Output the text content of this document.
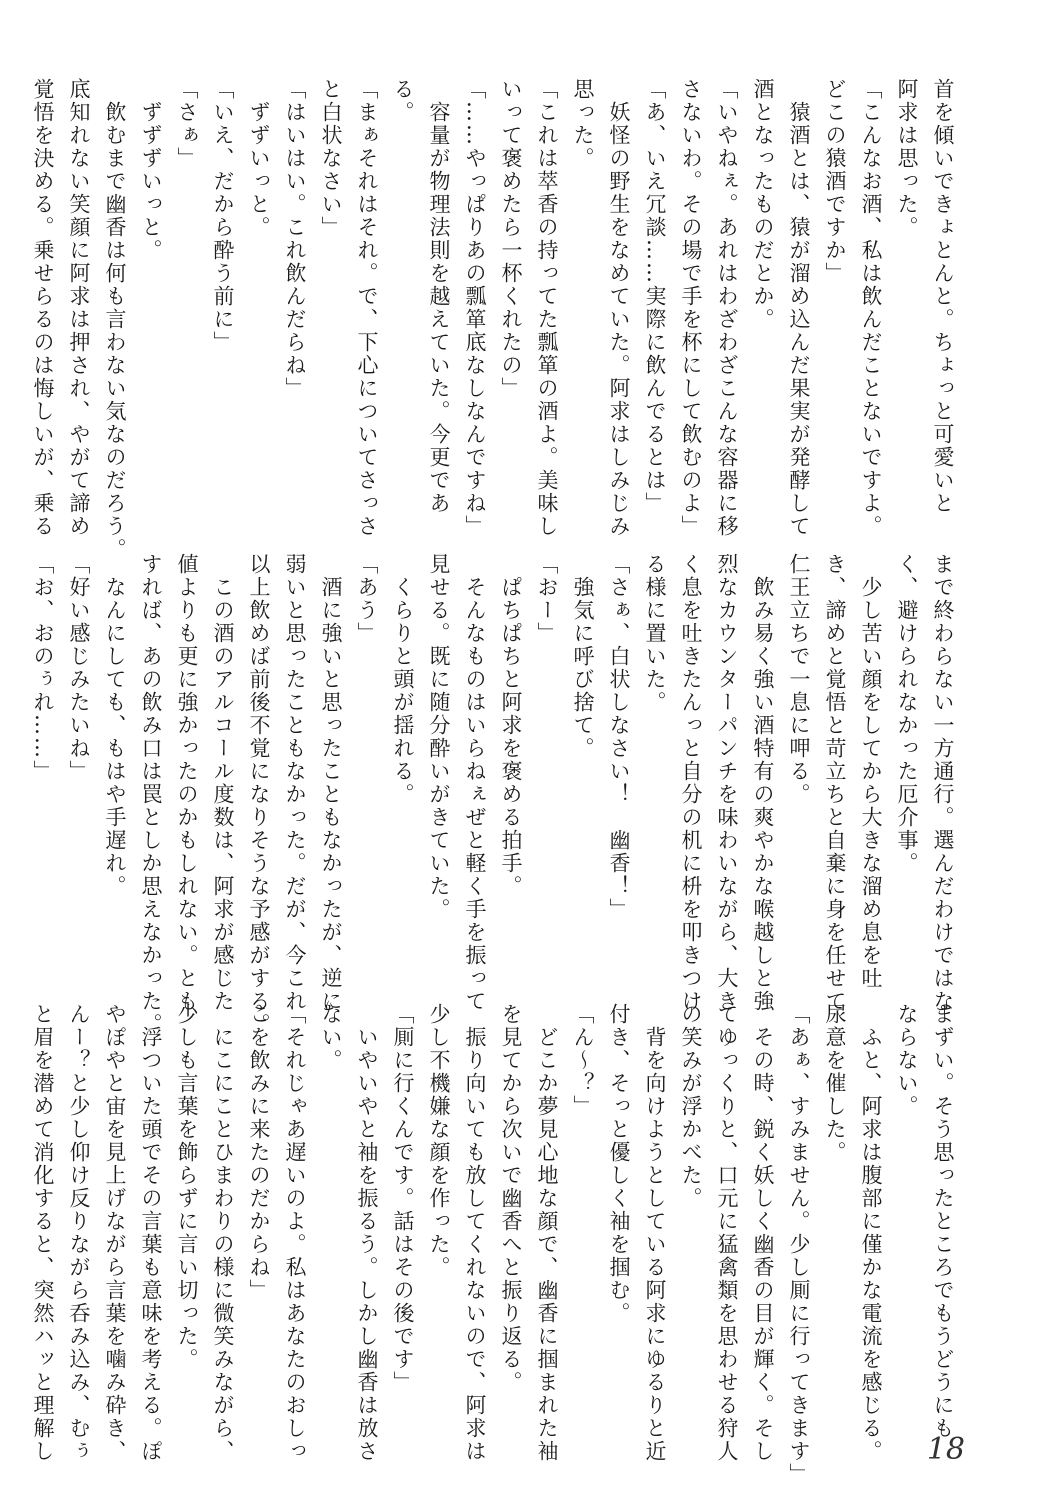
首を傾いできょとんと。ちょっと可愛いと
阿求は思った。
「こんなお酒、私は飲んだことないですよ。
どこの猿酒ですか」
　猿酒とは、猿が溜め込んだ果実が発酵して
酒となったものだとか。
「いやねぇ。あれはわざわざこんな容器に移
さないわ。その場で手を杯にして飲むのよ」
「あ、いえ冗談……実際に飲んでるとは」
　妖怪の野生をなめていた。阿求はしみじみ
思った。
「これは萃香の持ってた瓢箪の酒よ。美味し
いって褒めたら一杯くれたの」
「……やっぱりあの瓢箪底なしなんですね」
　容量が物理法則を越えていた。今更であ
る。
「まぁそれはそれ。で、下心についてさっさ
と白状なさい」
「はいはい。これ飲んだらね」
　ずずいっと。
「いえ、だから酔う前に」
「さぁ」
　ずずずいっと。
　飲むまで幽香は何も言わない気なのだろう。
底知れない笑顔に阿求は押され、やがて諦め
覚悟を決める。乗せらるのは悔しいが、乗る
まで終わらない一方通行。選んだわけではな
く、避けられなかった厄介事。
　少し苦い顔をしてから大きな溜め息を吐
き、諦めと覚悟と苛立ちと自棄に身を任せて
仁王立ちで一息に呷る。
　飲み易く強い酒特有の爽やかな喉越しと強
烈なカウンターパンチを味わいながら、大き
く息を吐きたんっと自分の机に枡を叩きつけ
る様に置いた。
「さぁ、白状しなさい！　幽香！」
　強気に呼び捨て。
「おー」
　ぱちぱちと阿求を褒める拍手。
　そんなものはいらねぇぜと軽く手を振って
見せる。既に随分酔いがきていた。
　くらりと頭が揺れる。
「あう」
　酒に強いと思ったこともなかったが、逆に
弱いと思ったこともなかった。だが、今これ
以上飲めば前後不覚になりそうな予感がする。
　この酒のアルコール度数は、阿求が感じた
値よりも更に強かったのかもしれない。とも
すれば、あの飲み口は罠としか思えなかった。
　なんにしても、もはや手遅れ。
「好い感じみたいね」
「お、おのぅれ……」
まずい。そう思ったところでもうどうにも
ならない。
　ふと、阿求は腹部に僅かな電流を感じる。
尿意を催した。
「あぁ、すみません。少し厠に行ってきます」
　その時、鋭く妖しく幽香の目が輝く。そし
てゆっくりと、口元に猛禽類を思わせる狩人
の笑みが浮かべた。
　背を向けようとしている阿求にゆるりと近
付き、そっと優しく袖を掴む。
「ん〜？」
　どこか夢見心地な顔で、幽香に掴まれた袖
を見てから次いで幽香へと振り返る。
　振り向いても放してくれないので、阿求は
少し不機嫌な顔を作った。
「厠に行くんです。話はその後です」
　いやいやと袖を振るう。しかし幽香は放さ
ない。
「それじゃあ遅いのよ。私はあなたのおしっ
こを飲みに来たのだからね」
　にこにことひまわりの様に微笑みながら、
少しも言葉を飾らずに言い切った。
　浮ついた頭でその言葉も意味を考える。ぽ
やぽやと宙を見上げながら言葉を噛み砕き、
んー？と少し仰け反りながら呑み込み、むぅ
と眉を潜めて消化すると、突然ハッと理解し	18
